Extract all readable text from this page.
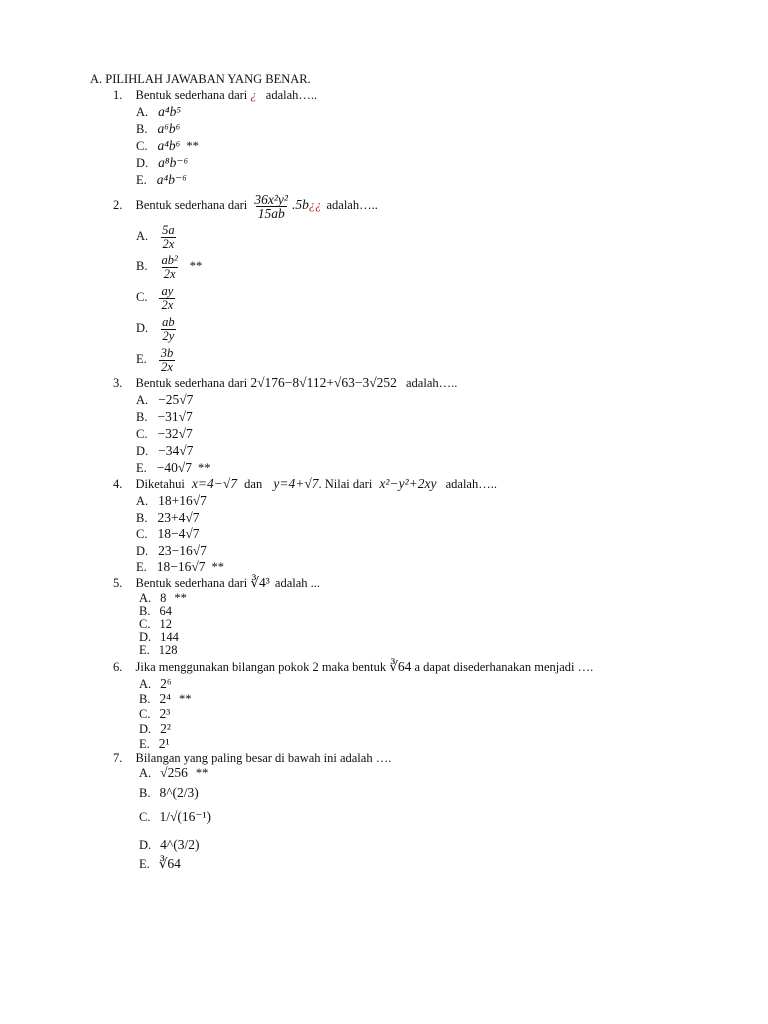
A. PILIHLAH JAWABAN YANG BENAR.
1. Bentuk sederhana dari ¿ adalah…..
A. a⁴b⁵
B. a⁶b⁶
C. a⁴b⁶ **
D. a⁸b⁻⁶
E. a⁴b⁻⁶
2. Bentuk sederhana dari $\frac{\text{36x²y²}}{15ab}$ .5b¿¿ adalah…..
A. $\frac{5a}{2x}$
B. $\frac{\text{ab²}}{2x}$ **
C. $\frac{ay}{2x}$
D. $\frac{ab}{2y}$
E. $\frac{3b}{2x}$
3. Bentuk sederhana dari 2√176−8√112+√63−3√252 adalah…..
A. −25√7
B. −31√7
C. −32√7
D. −34√7
E. −40√7 **
4. Diketahui x=4−√7 dan y=4+√7. Nilai dari x²−y²+2xy adalah…..
A. 18+16√7
B. 23+4√7
C. 18−4√7
D. 23−16√7
E. 18−16√7 **
5. Bentuk sederhana dari ∛4³ adalah ...
A. 8 **
B. 64
C. 12
D. 144
E. 128
6. Jika menggunakan bilangan pokok 2 maka bentuk ∛64 a dapat disederhanakan menjadi ….
A. 2⁶
B. 2⁴ **
C. 2³
D. 2²
E. 2¹
7. Bilangan yang paling besar di bawah ini adalah ….
A. √256 **
B. 8^(2/3)
C. 1/√(16⁻¹)
D. 4^(3/2)
E. ∛64
